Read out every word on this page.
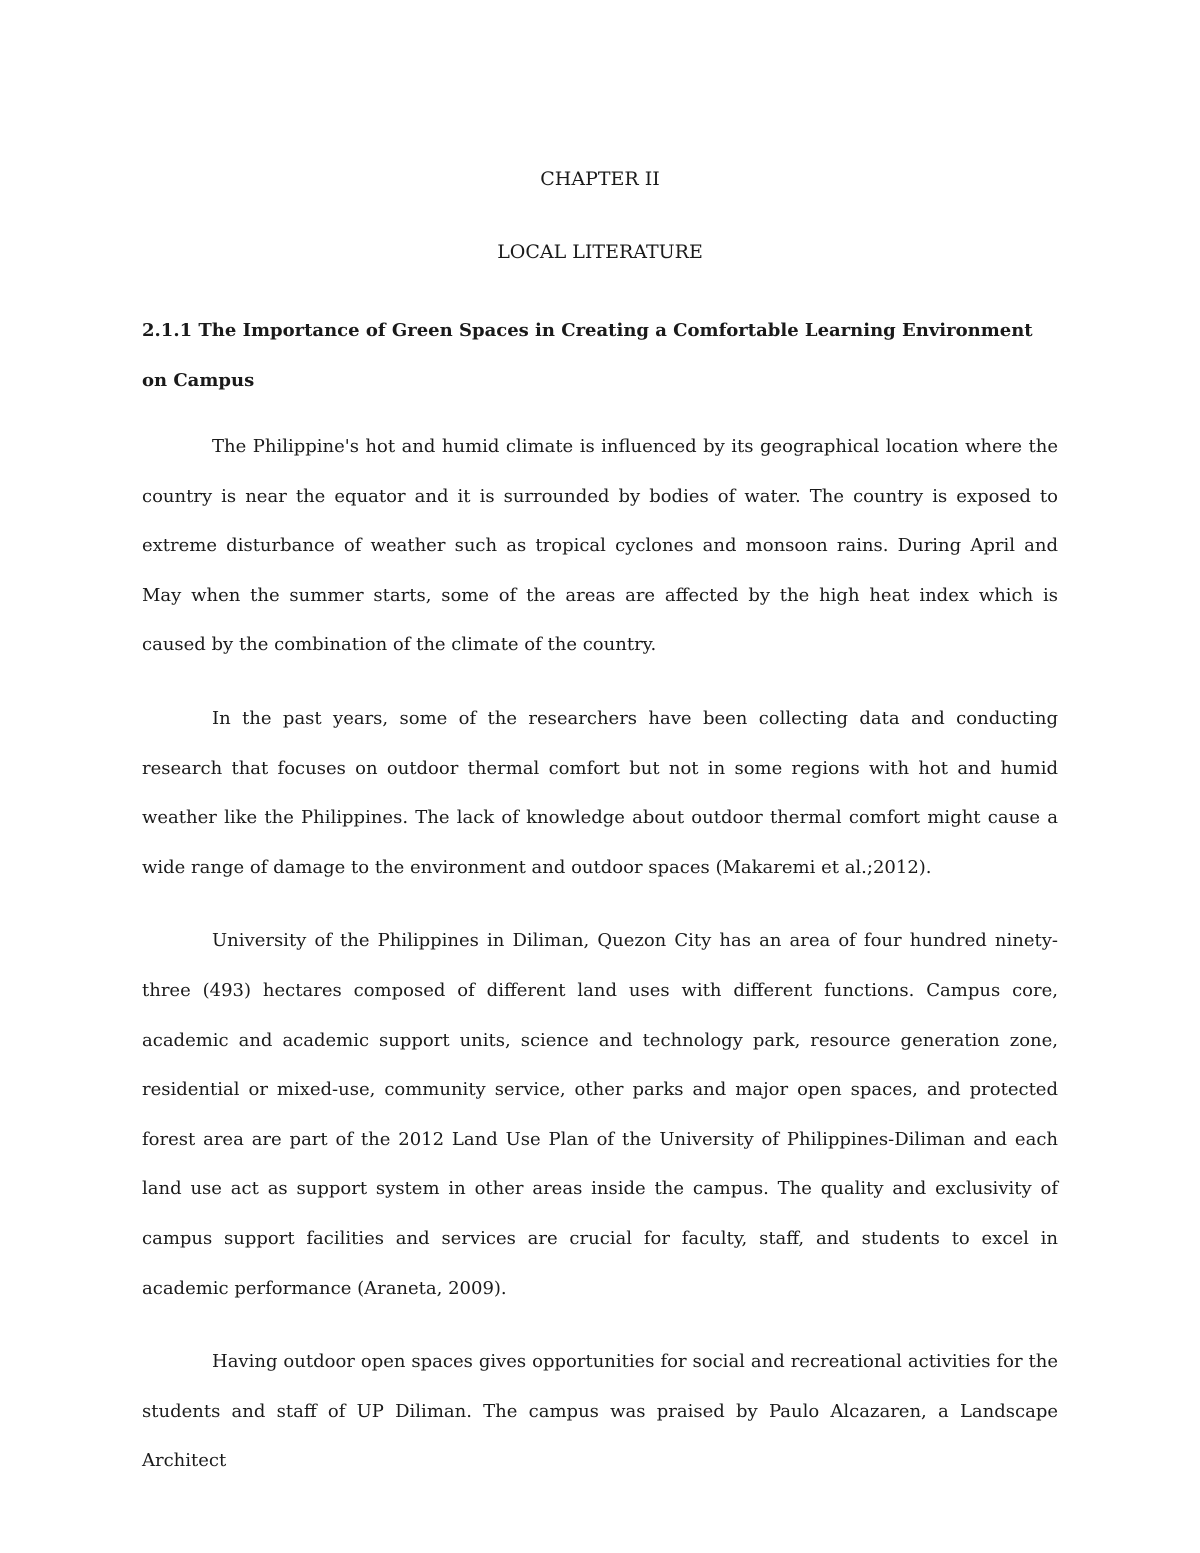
CHAPTER II
LOCAL LITERATURE
2.1.1 The Importance of Green Spaces in Creating a Comfortable Learning Environment on Campus

The Philippine's hot and humid climate is influenced by its geographical location where the country is near the equator and it is surrounded by bodies of water. The country is exposed to extreme disturbance of weather such as tropical cyclones and monsoon rains. During April and May when the summer starts, some of the areas are affected by the high heat index which is caused by the combination of the climate of the country.

In the past years, some of the researchers have been collecting data and conducting research that focuses on outdoor thermal comfort but not in some regions with hot and humid weather like the Philippines. The lack of knowledge about outdoor thermal comfort might cause a wide range of damage to the environment and outdoor spaces (Makaremi et al.;2012).

University of the Philippines in Diliman, Quezon City has an area of four hundred ninety-three (493) hectares composed of different land uses with different functions. Campus core, academic and academic support units, science and technology park, resource generation zone, residential or mixed-use, community service, other parks and major open spaces, and protected forest area are part of the 2012 Land Use Plan of the University of Philippines-Diliman and each land use act as support system in other areas inside the campus. The quality and exclusivity of campus support facilities and services are crucial for faculty, staff, and students to excel in academic performance (Araneta, 2009).

Having outdoor open spaces gives opportunities for social and recreational activities for the students and staff of UP Diliman. The campus was praised by Paulo Alcazaren, a Landscape Architect
